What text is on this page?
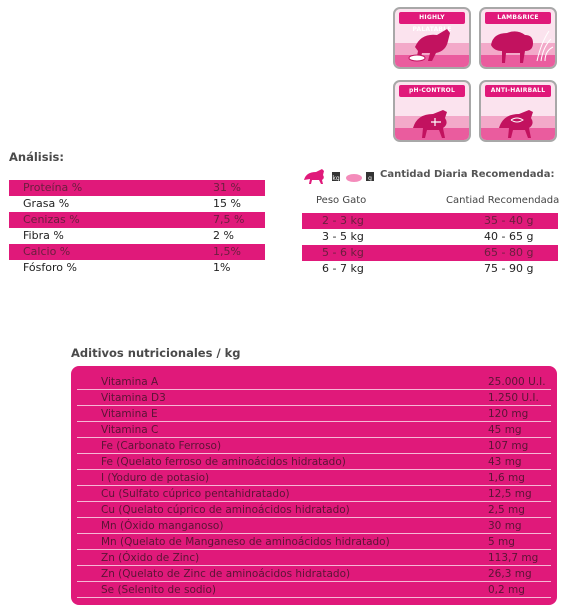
HIGHLY PALATABLE
LAMB&RICE
pH-CONTROL	ANTI-HAIRBALL
Análisis:
Proteína %	31 %
Grasa %	15 %
Cenizas %	7,5 %
Fibra %	2 %
Calcio %	1,5%
Fósforo %	1%
kg	g Cantidad Diaria Recomendada:
Peso Gato	Cantiad Recomendada
2 - 3 kg	35 - 40 g
3 - 5 kg	40 - 65 g
5 - 6 kg	65 - 80 g
6 - 7 kg	75 - 90 g
Aditivos nutricionales / kg
Vitamina A	25.000 U.I.
Vitamina D3	1.250 U.I.
Vitamina E	120 mg
Vitamina C	45 mg
Fe (Carbonato Ferroso)	107 mg
Fe (Quelato ferroso de aminoácidos hidratado)	43 mg
I (Yoduro de potasio)	1,6 mg
Cu (Sulfato cúprico pentahidratado)	12,5 mg
Cu (Quelato cúprico de aminoácidos hidratado)	2,5 mg
Mn (Óxido manganoso)	30 mg
Mn (Quelato de Manganeso de aminoácidos hidratado)	5 mg
Zn (Óxido de Zinc)	113,7 mg
Zn (Quelato de Zinc de aminoácidos hidratado)	26,3 mg
Se (Selenito de sodio)	0,2 mg
